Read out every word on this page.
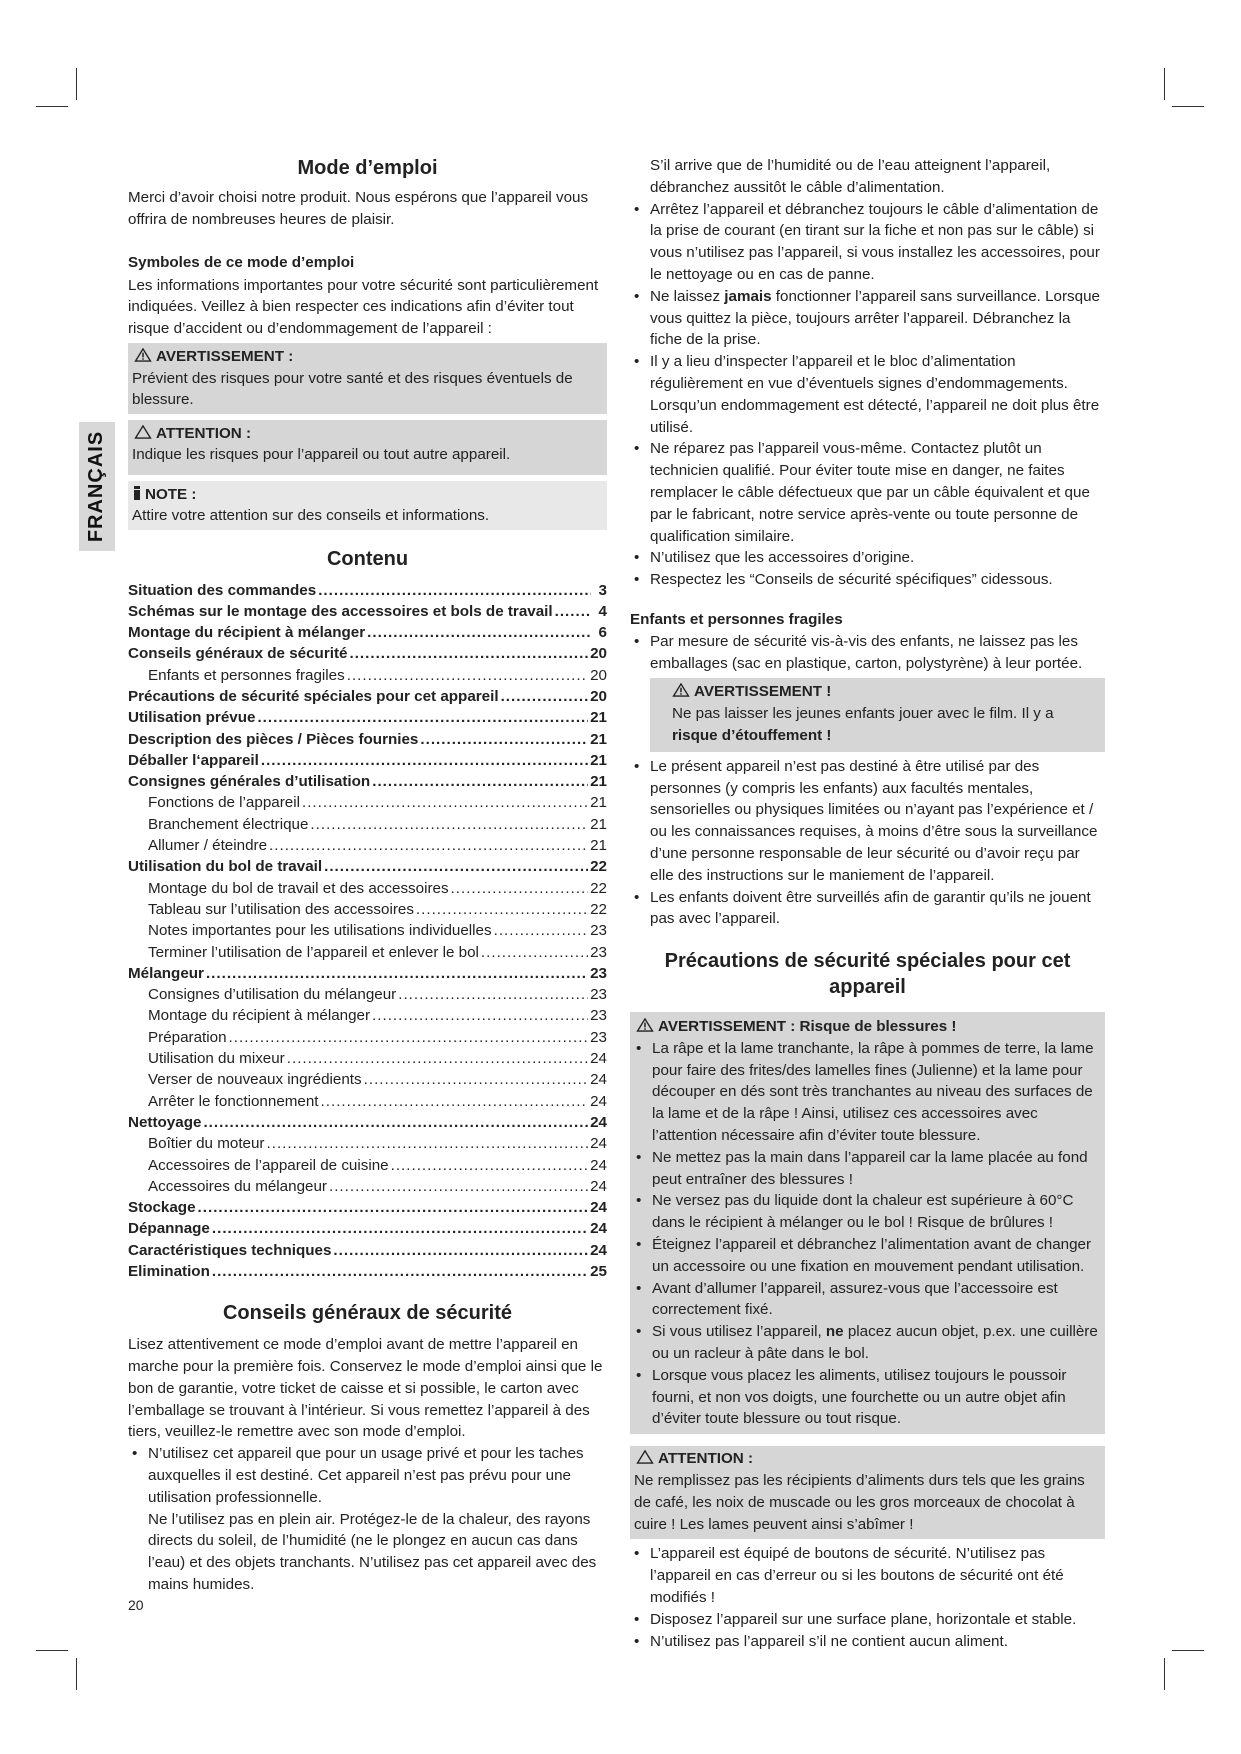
FRANÇAIS
Mode d’emploi

Merci d’avoir choisi notre produit. Nous espérons que l’appareil vous offrira de nombreuses heures de plaisir.

Symboles de ce mode d’emploi

Les informations importantes pour votre sécurité sont particulièrement indiquées. Veillez à bien respecter ces indications afin d’éviter tout risque d’accident ou d’endommagement de l’appareil :

AVERTISSEMENT :

Prévient des risques pour votre santé et des risques éventuels de blessure.

ATTENTION :

Indique les risques pour l’appareil ou tout autre appareil.

NOTE :

Attire votre attention sur des conseils et informations.

Contenu
Situation des commandes .....	3
Schémas sur le montage des accessoires et bols de travail .....	4
Montage du récipient à mélanger .....	6
Conseils généraux de sécurité .....	20
Enfants et personnes fragiles .....	20
Précautions de sécurité spéciales pour cet appareil .....	20
Utilisation prévue .....	21
Description des pièces / Pièces fournies .....	21
Déballer l‘appareil .....	21
Consignes générales d’utilisation .....	21
Fonctions de l’appareil .....	21
Branchement électrique .....	21
Allumer / éteindre .....	21
Utilisation du bol de travail .....	22
Montage du bol de travail et des accessoires .....	22
Tableau sur l’utilisation des accessoires .....	22
Notes importantes pour les utilisations individuelles .....	23
Terminer l’utilisation de l’appareil et enlever le bol .....	23
Mélangeur .....	23
Consignes d’utilisation du mélangeur .....	23
Montage du récipient à mélanger .....	23
Préparation .....	23
Utilisation du mixeur .....	24
Verser de nouveaux ingrédients .....	24
Arrêter le fonctionnement .....	24
Nettoyage .....	24
Boîtier du moteur .....	24
Accessoires de l’appareil de cuisine .....	24
Accessoires du mélangeur .....	24
Stockage .....	24
Dépannage .....	24
Caractéristiques techniques .....	24
Elimination .....	25
Conseils généraux de sécurité

Lisez attentivement ce mode d’emploi avant de mettre l’appareil en marche pour la première fois. Conservez le mode d’emploi ainsi que le bon de garantie, votre ticket de caisse et si possible, le carton avec l’emballage se trouvant à l’intérieur. Si vous remettez l’appareil à des tiers, veuillez-le remettre avec son mode d’emploi.

• N’utilisez cet appareil que pour un usage privé et pour les taches auxquelles il est destiné. Cet appareil n’est pas prévu pour une utilisation professionnelle.
Ne l’utilisez pas en plein air. Protégez-le de la chaleur, des rayons directs du soleil, de l’humidité (ne le plongez en aucun cas dans l’eau) et des objets tranchants. N’utilisez pas cet appareil avec des mains humides.
20

S’il arrive que de l’humidité ou de l’eau atteignent l’appareil, débranchez aussitôt le câble d’alimentation.

• Arrêtez l’appareil et débranchez toujours le câble d’alimentation de la prise de courant (en tirant sur la fiche et non pas sur le câble) si vous n’utilisez pas l’appareil, si vous installez les accessoires, pour le nettoyage ou en cas de panne.
• Ne laissez jamais fonctionner l’appareil sans surveillance. Lorsque vous quittez la pièce, toujours arrêter l’appareil. Débranchez la fiche de la prise.
• Il y a lieu d’inspecter l’appareil et le bloc d’alimentation régulièrement en vue d’éventuels signes d’endommagements. Lorsqu’un endommagement est détecté, l’appareil ne doit plus être utilisé.
• Ne réparez pas l’appareil vous-même. Contactez plutôt un technicien qualifié. Pour éviter toute mise en danger, ne faites remplacer le câble défectueux que par un câble équivalent et que par le fabricant, notre service après-vente ou toute personne de qualification similaire.
• N’utilisez que les accessoires d’origine.
• Respectez les “Conseils de sécurité spécifiques” cidessous.
Enfants et personnes fragiles
• Par mesure de sécurité vis-à-vis des enfants, ne laissez pas les emballages (sac en plastique, carton, polystyrène) à leur portée.
AVERTISSEMENT !

Ne pas laisser les jeunes enfants jouer avec le film. Il y a risque d’étouffement !

• Le présent appareil n’est pas destiné à être utilisé par des personnes (y compris les enfants) aux facultés mentales, sensorielles ou physiques limitées ou n’ayant pas l’expérience et / ou les connaissances requises, à moins d’être sous la surveillance d’une personne responsable de leur sécurité ou d’avoir reçu par elle des instructions sur le maniement de l’appareil.
• Les enfants doivent être surveillés afin de garantir qu’ils ne jouent pas avec l’appareil.
Précautions de sécurité spéciales pour cet appareil
AVERTISSEMENT : Risque de blessures !
• La râpe et la lame tranchante, la râpe à pommes de terre, la lame pour faire des frites/des lamelles fines (Julienne) et la lame pour découper en dés sont très tranchantes au niveau des surfaces de la lame et de la râpe ! Ainsi, utilisez ces accessoires avec l’attention nécessaire afin d’éviter toute blessure.
• Ne mettez pas la main dans l’appareil car la lame placée au fond peut entraîner des blessures !
• Ne versez pas du liquide dont la chaleur est supérieure à 60°C dans le récipient à mélanger ou le bol ! Risque de brûlures !
• Éteignez l’appareil et débranchez l’alimentation avant de changer un accessoire ou une fixation en mouvement pendant utilisation.
• Avant d’allumer l’appareil, assurez-vous que l’accessoire est correctement fixé.
• Si vous utilisez l’appareil, ne placez aucun objet, p.ex. une cuillère ou un racleur à pâte dans le bol.
• Lorsque vous placez les aliments, utilisez toujours le poussoir fourni, et non vos doigts, une fourchette ou un autre objet afin d’éviter toute blessure ou tout risque.
ATTENTION :

Ne remplissez pas les récipients d’aliments durs tels que les grains de café, les noix de muscade ou les gros morceaux de chocolat à cuire ! Les lames peuvent ainsi s’abîmer !

• L’appareil est équipé de boutons de sécurité. N’utilisez pas l’appareil en cas d’erreur ou si les boutons de sécurité ont été modifiés !
• Disposez l’appareil sur une surface plane, horizontale et stable.
• N’utilisez pas l’appareil s’il ne contient aucun aliment.
